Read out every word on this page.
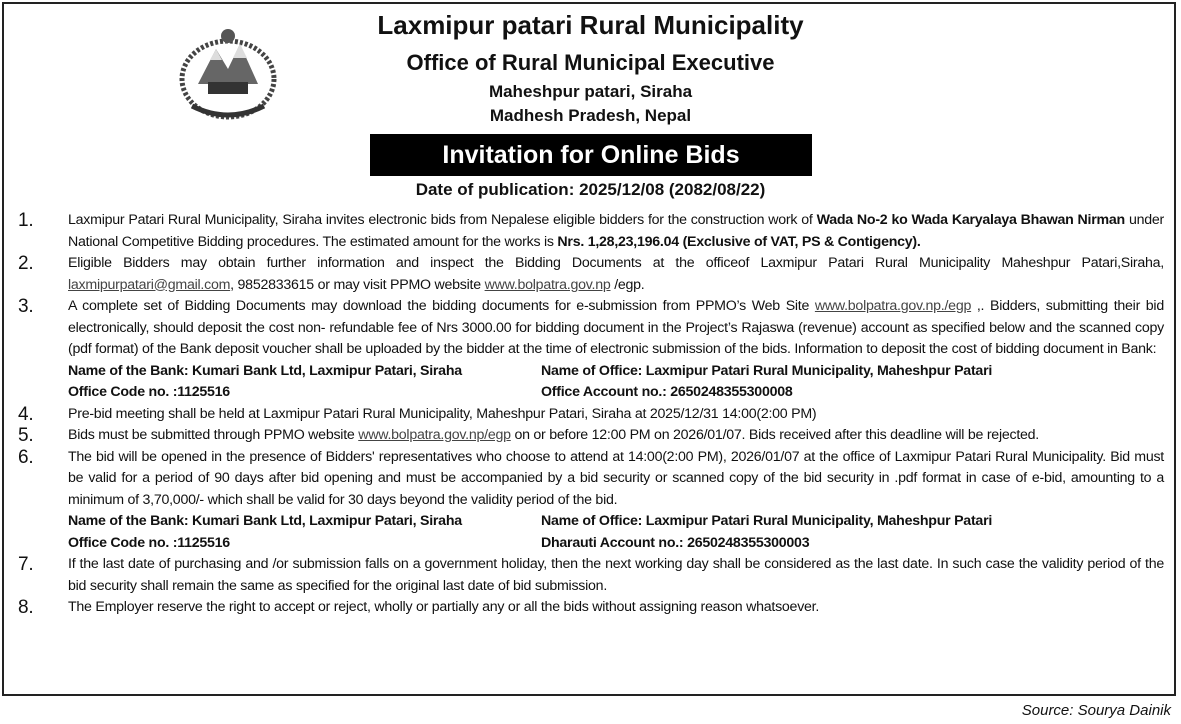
Laxmipur patari Rural Municipality
Office of Rural Municipal Executive
Maheshpur patari, Siraha
Madhesh Pradesh, Nepal
Invitation for Online Bids
Date of publication: 2025/12/08 (2082/08/22)
1.	Laxmipur Patari Rural Municipality, Siraha invites electronic bids from Nepalese eligible bidders for the construction work of Wada No-2 ko Wada Karyalaya Bhawan Nirman under National Competitive Bidding procedures. The estimated amount for the works is Nrs. 1,28,23,196.04 (Exclusive of VAT, PS & Contigency).
2.	Eligible Bidders may obtain further information and inspect the Bidding Documents at the officeof Laxmipur Patari Rural Municipality Maheshpur Patari,Siraha, laxmipurpatari@gmail.com, 9852833615 or may visit PPMO website www.bolpatra.gov.np /egp.
3.	A complete set of Bidding Documents may download the bidding documents for e-submission from PPMO’s Web Site www.bolpatra.gov.np./egp ,. Bidders, submitting their bid electronically, should deposit the cost non- refundable fee of Nrs 3000.00 for bidding document in the Project’s Rajaswa (revenue) account as specified below and the scanned copy (pdf format) of the Bank deposit voucher shall be uploaded by the bidder at the time of electronic submission of the bids. Information to deposit the cost of bidding document in Bank:
Name of the Bank: Kumari Bank Ltd, Laxmipur Patari, Siraha	Name of Office: Laxmipur Patari Rural Municipality, Maheshpur Patari
Office Code no. :1125516	Office Account no.: 2650248355300008
4.	Pre-bid meeting shall be held at Laxmipur Patari Rural Municipality, Maheshpur Patari, Siraha at 2025/12/31 14:00(2:00 PM)
5.	Bids must be submitted through PPMO website www.bolpatra.gov.np/egp on or before 12:00 PM on 2026/01/07. Bids received after this deadline will be rejected.
6.	The bid will be opened in the presence of Bidders' representatives who choose to attend at 14:00(2:00 PM), 2026/01/07 at the office of Laxmipur Patari Rural Municipality. Bid must be valid for a period of 90 days after bid opening and must be accompanied by a bid security or scanned copy of the bid security in .pdf format in case of e-bid, amounting to a minimum of 3,70,000/- which shall be valid for 30 days beyond the validity period of the bid.
Name of the Bank: Kumari Bank Ltd, Laxmipur Patari, Siraha	Name of Office: Laxmipur Patari Rural Municipality, Maheshpur Patari
Office Code no. :1125516	Dharauti Account no.: 2650248355300003
7.	If the last date of purchasing and /or submission falls on a government holiday, then the next working day shall be considered as the last date. In such case the validity period of the bid security shall remain the same as specified for the original last date of bid submission.
8.	The Employer reserve the right to accept or reject, wholly or partially any or all the bids without assigning reason whatsoever.
Source: Sourya Dainik
